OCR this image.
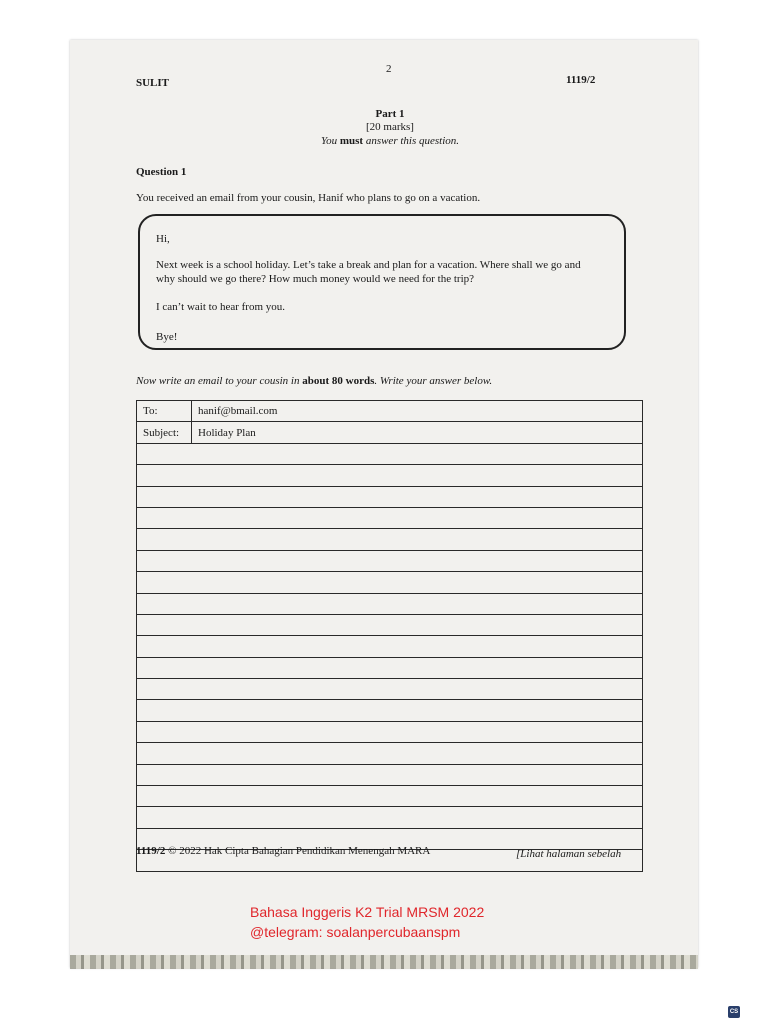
SULIT
2
1119/2
Part 1
[20 marks]
You must answer this question.
Question 1
You received an email from your cousin, Hanif who plans to go on a vacation.

Hi,

Next week is a school holiday. Let’s take a break and plan for a vacation. Where shall we go and

why should we go there? How much money would we need for the trip?

I can’t wait to hear from you.

Bye!

Now write an email to your cousin in about 80 words. Write your answer below.
To:	hanif@bmail.com
Subject:	Holiday Plan

1119/2 © 2022 Hak Cipta Bahagian Pendidikan Menengah MARA	[Lihat halaman sebelah
Bahasa Inggeris K2 Trial MRSM 2022
@telegram: soalanpercubaanspm
CS
